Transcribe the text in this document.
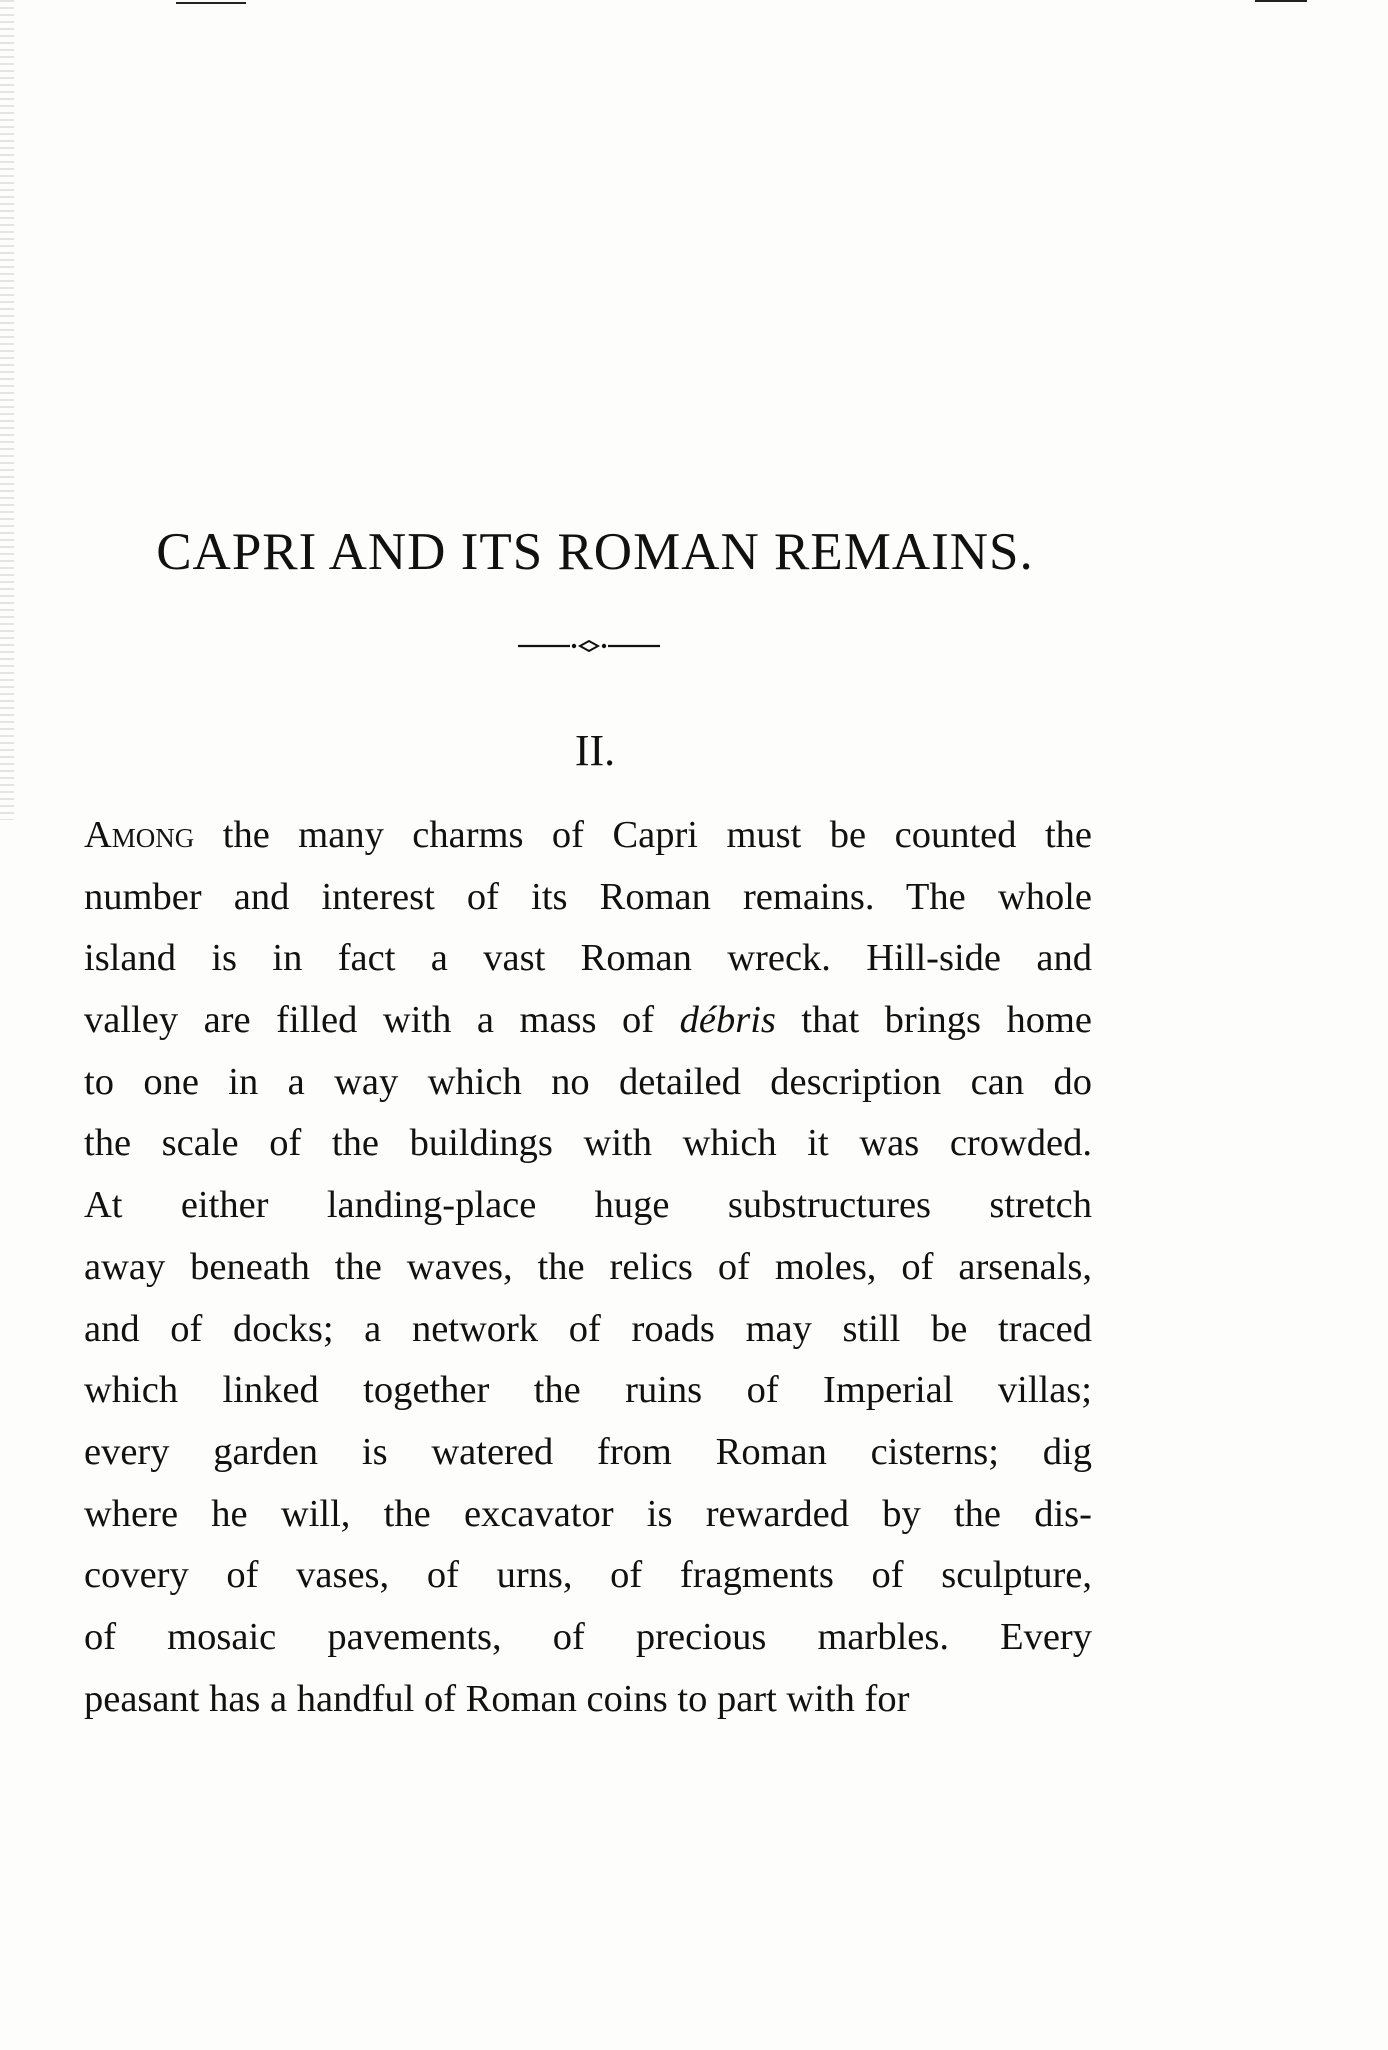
CAPRI AND ITS ROMAN REMAINS.
II.
Among the many charms of Capri must be counted the
number and interest of its Roman remains. The whole
island is in fact a vast Roman wreck. Hill-side and
valley are filled with a mass of débris that brings home
to one in a way which no detailed description can do
the scale of the buildings with which it was crowded.
At either landing-place huge substructures stretch
away beneath the waves, the relics of moles, of arsenals,
and of docks; a network of roads may still be traced
which linked together the ruins of Imperial villas;
every garden is watered from Roman cisterns; dig
where he will, the excavator is rewarded by the dis-
covery of vases, of urns, of fragments of sculpture,
of mosaic pavements, of precious marbles. Every
peasant has a handful of Roman coins to part with for
